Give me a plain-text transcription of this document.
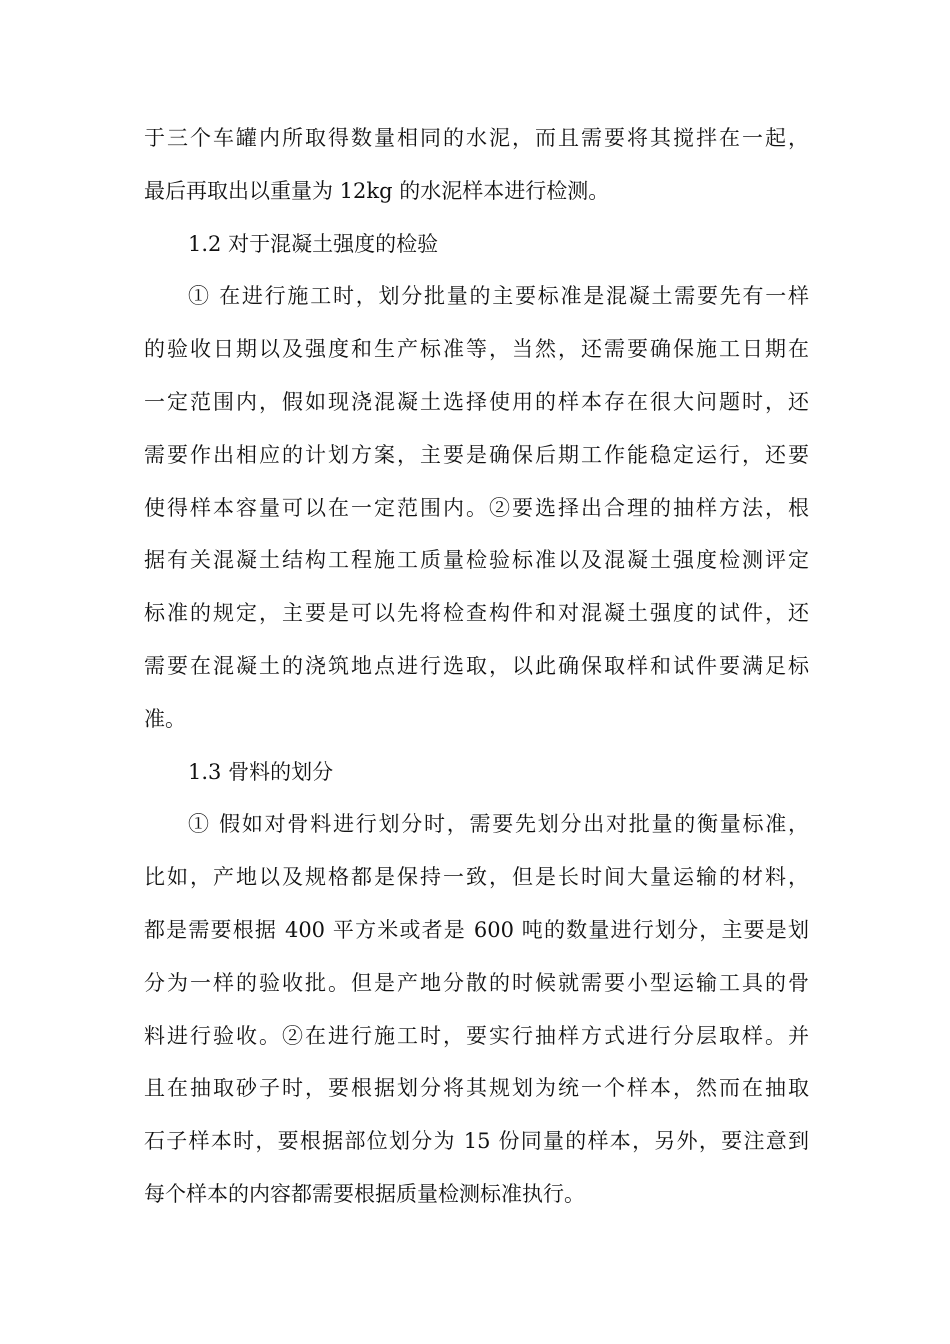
于三个车罐内所取得数量相同的水泥，而且需要将其搅拌在一起，
最后再取出以重量为 12kg 的水泥样本进行检测。
1.2 对于混凝土强度的检验
① 在进行施工时，划分批量的主要标准是混凝土需要先有一样
的验收日期以及强度和生产标准等，当然，还需要确保施工日期在
一定范围内，假如现浇混凝土选择使用的样本存在很大问题时，还
需要作出相应的计划方案，主要是确保后期工作能稳定运行，还要
使得样本容量可以在一定范围内。②要选择出合理的抽样方法，根
据有关混凝土结构工程施工质量检验标准以及混凝土强度检测评定
标准的规定，主要是可以先将检查构件和对混凝土强度的试件，还
需要在混凝土的浇筑地点进行选取，以此确保取样和试件要满足标
准。
1.3 骨料的划分
① 假如对骨料进行划分时，需要先划分出对批量的衡量标准，
比如，产地以及规格都是保持一致，但是长时间大量运输的材料，
都是需要根据 400 平方米或者是 600 吨的数量进行划分，主要是划
分为一样的验收批。但是产地分散的时候就需要小型运输工具的骨
料进行验收。②在进行施工时，要实行抽样方式进行分层取样。并
且在抽取砂子时，要根据划分将其规划为统一个样本，然而在抽取
石子样本时，要根据部位划分为 15 份同量的样本，另外，要注意到
每个样本的内容都需要根据质量检测标准执行。
